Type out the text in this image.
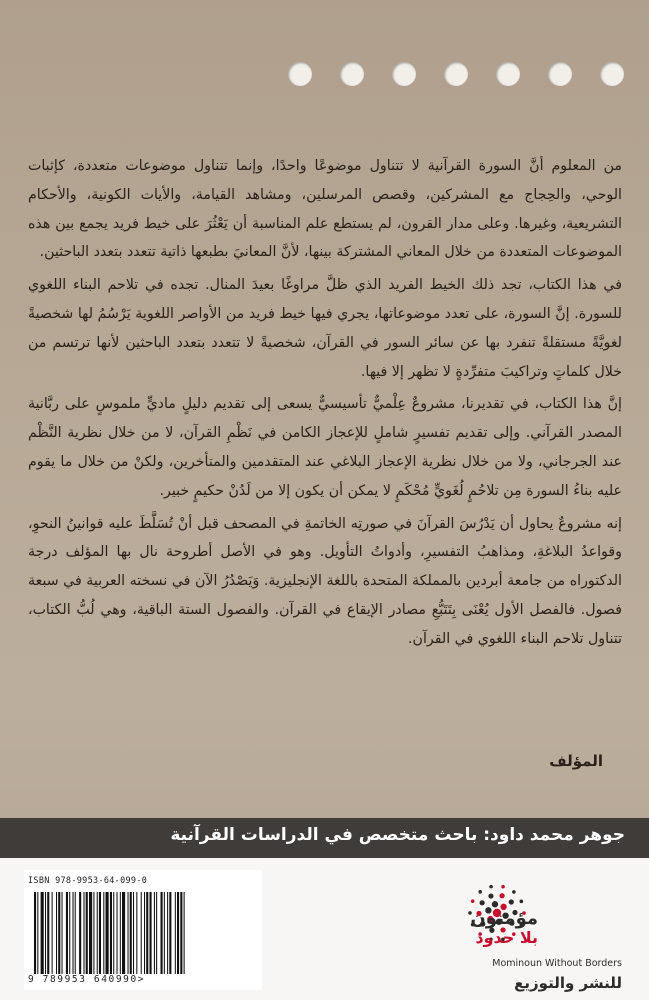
من المعلوم أنَّ السورة القرآنية لا تتناول موضوعًا واحدًا، وإنما تتناول موضوعات متعددة، كإثبات الوحي، والحِجاج مع المشركين، وقصص المرسلين، ومشاهد القيامة، والأيات الكونية، والأحكام التشريعية، وغيرها. وعلى مدار القرون، لم يستطع علم المناسبة أن يَعْثُرَ على خيط فريد يجمع بين هذه الموضوعات المتعددة من خلال المعاني المشتركة بينها، لأنَّ المعانيَ بطبعها ذاتية تتعدد بتعدد الباحثين.

في هذا الكتاب، تجد ذلك الخيط الفريد الذي ظلَّ مراوغًا بعيدَ المنال. تجده في تلاحم البناء اللغوي للسورة. إنَّ السورة، على تعدد موضوعاتها، يجري فيها خيط فريد من الأواصر اللغوية يَرْسُمُ لها شخصيةً لغويَّةً مستقلةً تنفرد بها عن سائر السور في القرآن، شخصيةً لا تتعدد بتعدد الباحثين لأنها ترتسم من خلال كلماتٍ وتراكيبَ متفرِّدةٍ لا تظهر إلا فيها.

إنَّ هذا الكتاب، في تقديرنا، مشروعٌ عِلْميٌّ تأسيسيٌّ يسعى إلى تقديم دليلٍ ماديٍّ ملموسٍ على ربَّانية المصدر القرآني. وإلى تقديم تفسيرٍ شاملٍ للإعجاز الكامن في نَظْمِ القرآن، لا من خلال نظرية النَّظْم عند الجرجاني، ولا من خلال نظرية الإعجاز البلاغي عند المتقدمين والمتأخرين، ولكنْ من خلال ما يقوم عليه بناءُ السورة مِن تلاحُمٍ لُغَويٍّ مُحْكَمٍ لا يمكن أن يكون إلا من لَدُنْ حكيمٍ خبير.

إنه مشروعٌ يحاول أن يَدْرُسَ القرآنَ في صورتِه الخاتمةِ في المصحف قبل أنْ تُسَلَّطَ عليه قوانينُ النحوِ، وقواعدُ البلاغةِ، ومذاهبُ التفسيرِ، وأدواتُ التأويل. وهو في الأصل أطروحة نال بها المؤلف درجة الدكتوراه من جامعة أبردين بالمملكة المتحدة باللغة الإنجليزية. وَيَصْدُرُ الآن في نسخته العربية في سبعة فصول. فالفصل الأول يُعْنَى بِتَتَبُّعِ مصادر الإيقاع في القرآن. والفصول الستة الباقية، وهي لُبُّ الكتاب، تتناول تلاحم البناء اللغوي في القرآن.

المؤلف
جوهر محمد داود: باحث متخصص في الدراسات القرآنية
ISBN 978-9953-64-099-0
9 789953 640990>
مؤمنون
بلا حدود
Mominoun Without Borders
للنشر والتوزيع
